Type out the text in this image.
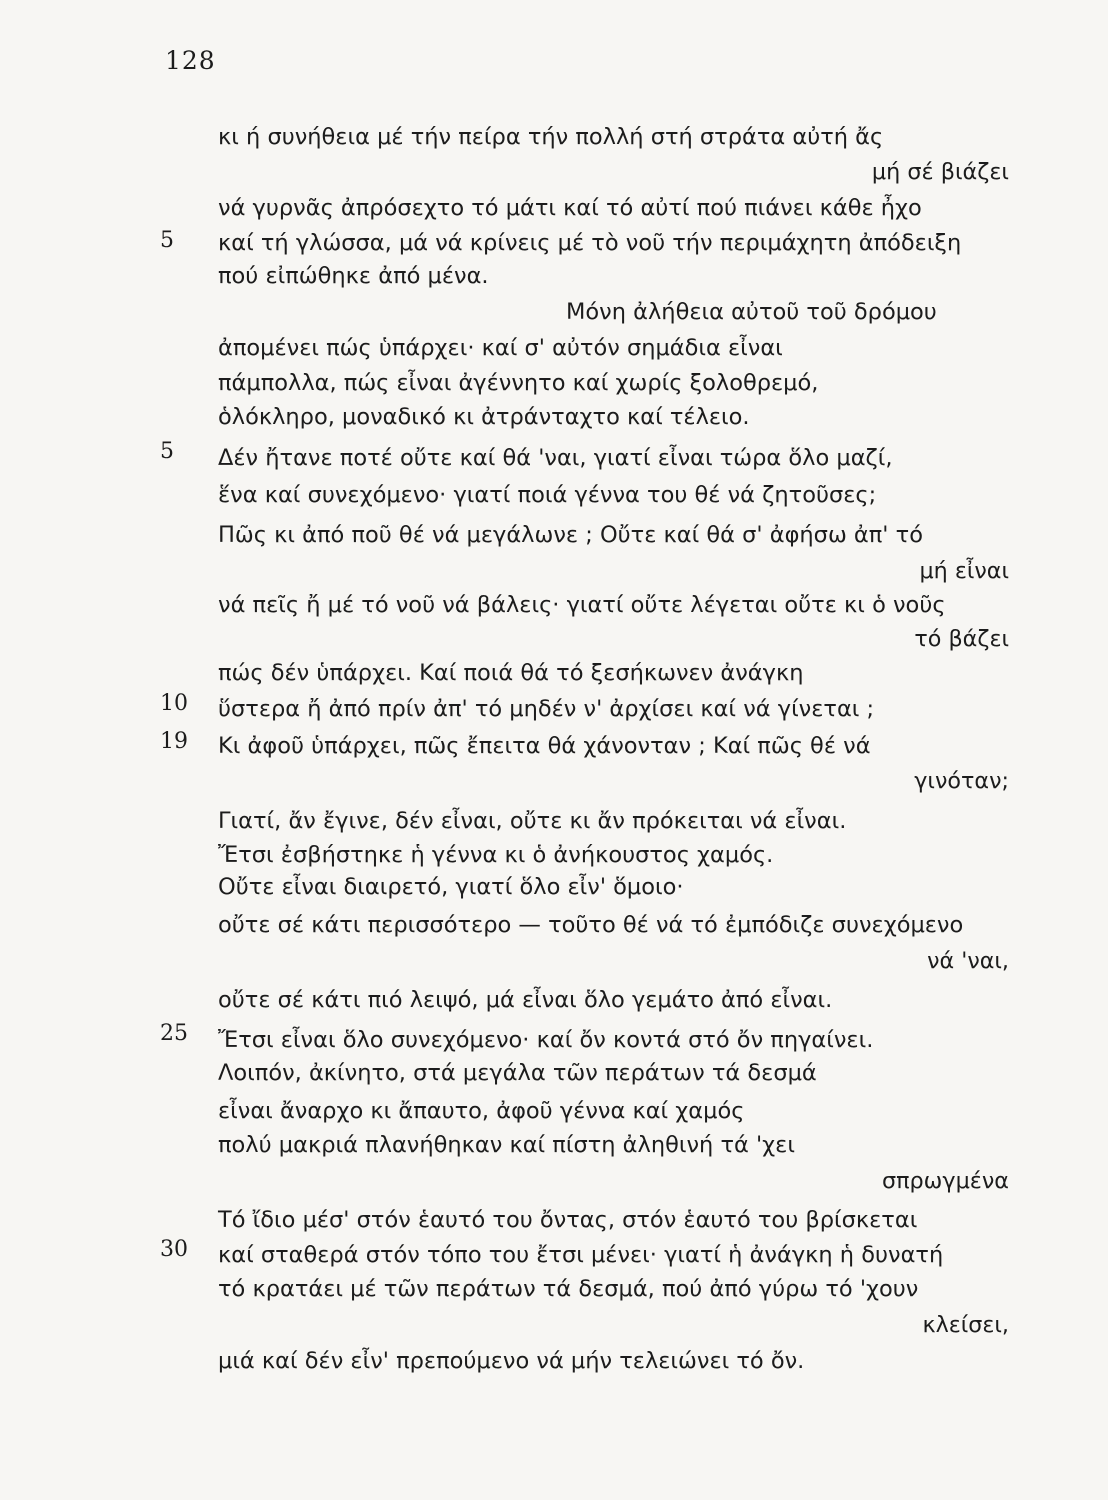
128
κι ή συνήθεια μέ τήν πείρα τήν πολλή στή στράτα αὐτή ἄς
μή σέ βιάζει
νά γυρνᾶς ἀπρόσεχτο τό μάτι καί τό αὐτί πού πιάνει κάθε ἦχο
5	καί τή γλώσσα, μά νά κρίνεις μέ τὸ νοῦ τήν περιμάχητη ἀπόδειξη
πού εἰπώθηκε ἀπό μένα.
Μόνη ἀλήθεια αὐτοῦ τοῦ δρόμου
ἀπομένει πώς ὑπάρχει· καί σ' αὐτόν σημάδια εἶναι
πάμπολλα, πώς εἶναι ἀγέννητο καί χωρίς ξολοθρεμό,
ὁλόκληρο, μοναδικό κι ἀτράνταχτο καί τέλειο.
5	Δέν ἤτανε ποτέ οὔτε καί θά 'ναι, γιατί εἶναι τώρα ὅλο μαζί,
ἕνα καί συνεχόμενο· γιατί ποιά γέννα του θέ νά ζητοῦσες;
Πῶς κι ἀπό ποῦ θέ νά μεγάλωνε ; Οὔτε καί θά σ' ἀφήσω ἀπ' τό
μή εἶναι
νά πεῖς ἤ μέ τό νοῦ νά βάλεις· γιατί οὔτε λέγεται οὔτε κι ὁ νοῦς
τό βάζει
πώς δέν ὑπάρχει. Καί ποιά θά τό ξεσήκωνεν ἀνάγκη
10	ὕστερα ἤ ἀπό πρίν ἀπ' τό μηδέν ν' ἀρχίσει καί νά γίνεται ;
19	Κι ἀφοῦ ὑπάρχει, πῶς ἔπειτα θά χάνονταν ; Καί πῶς θέ νά
γινόταν;
Γιατί, ἄν ἔγινε, δέν εἶναι, οὔτε κι ἄν πρόκειται νά εἶναι.
Ἔτσι ἐσβήστηκε ἡ γέννα κι ὁ ἀνήκουστος χαμός.
Οὔτε εἶναι διαιρετό, γιατί ὅλο εἶν' ὅμοιο·
οὔτε σέ κάτι περισσότερο — τοῦτο θέ νά τό ἐμπόδιζε συνεχόμενο
νά 'ναι,
οὔτε σέ κάτι πιό λειψό, μά εἶναι ὅλο γεμάτο ἀπό εἶναι.
25	Ἔτσι εἶναι ὅλο συνεχόμενο· καί ὄν κοντά στό ὄν πηγαίνει.
Λοιπόν, ἀκίνητο, στά μεγάλα τῶν περάτων τά δεσμά
εἶναι ἄναρχο κι ἄπαυτο, ἀφοῦ γέννα καί χαμός
πολύ μακριά πλανήθηκαν καί πίστη ἀληθινή τά 'χει
σπρωγμένα
Τό ἴδιο μέσ' στόν ἑαυτό του ὄντας, στόν ἑαυτό του βρίσκεται
30	καί σταθερά στόν τόπο του ἔτσι μένει· γιατί ἡ ἀνάγκη ἡ δυνατή
τό κρατάει μέ τῶν περάτων τά δεσμά, πού ἀπό γύρω τό 'χουν
κλείσει,
μιά καί δέν εἶν' πρεπούμενο νά μήν τελειώνει τό ὄν.
